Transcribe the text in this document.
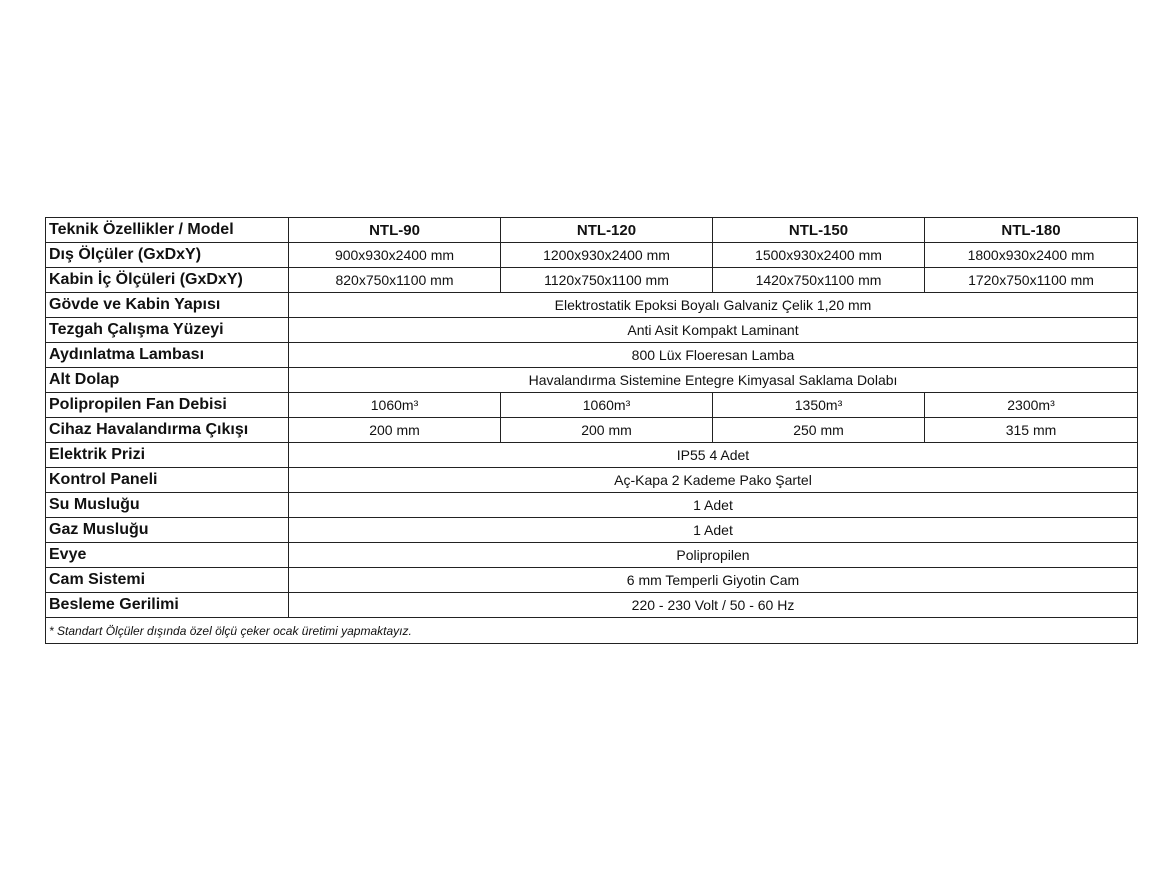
Teknik Özellikler / Model	NTL-90	NTL-120	NTL-150	NTL-180
Dış Ölçüler (GxDxY)	900x930x2400 mm	1200x930x2400 mm	1500x930x2400 mm	1800x930x2400 mm
Kabin İç Ölçüleri (GxDxY)	820x750x1100 mm	1120x750x1100 mm	1420x750x1100 mm	1720x750x1100 mm
Gövde ve Kabin Yapısı	Elektrostatik Epoksi Boyalı Galvaniz Çelik 1,20 mm			
Tezgah Çalışma Yüzeyi	Anti Asit Kompakt Laminant			
Aydınlatma Lambası	800 Lüx Floeresan Lamba			
Alt Dolap	Havalandırma Sistemine Entegre Kimyasal Saklama Dolabı			
Polipropilen Fan Debisi	1060m³	1060m³	1350m³	2300m³
Cihaz Havalandırma Çıkışı	200 mm	200 mm	250 mm	315 mm
Elektrik Prizi	IP55 4 Adet			
Kontrol Paneli	Aç-Kapa 2 Kademe Pako Şartel			
Su Musluğu	1 Adet			
Gaz Musluğu	1 Adet			
Evye	Polipropilen			
Cam Sistemi	6 mm Temperli Giyotin Cam			
Besleme Gerilimi	220 - 230 Volt / 50 - 60 Hz			
* Standart Ölçüler dışında özel ölçü çeker ocak üretimi yapmaktayız.				
